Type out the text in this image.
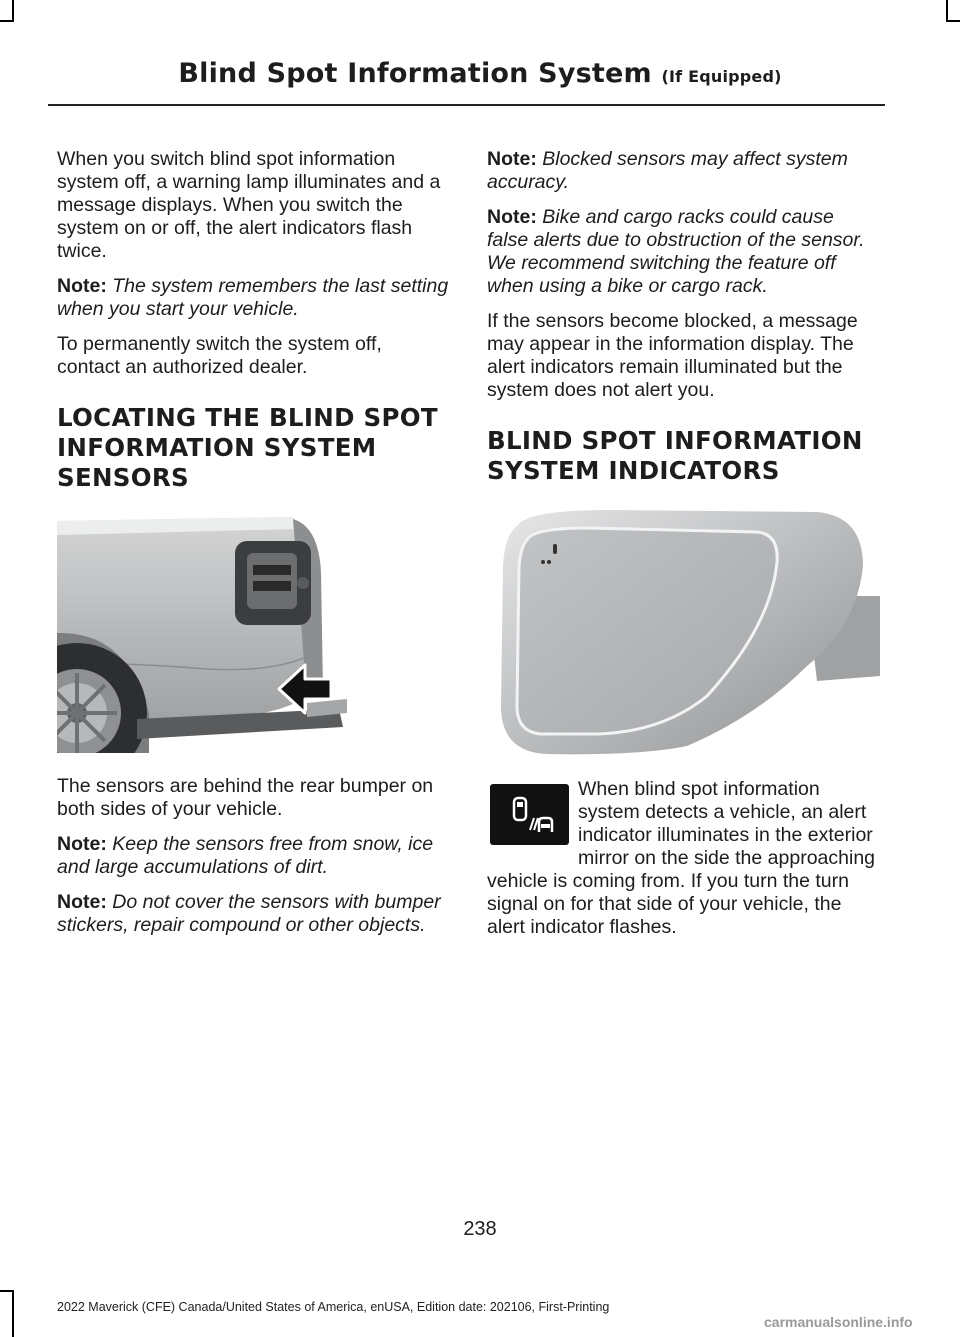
Blind Spot Information System (If Equipped)

When you switch blind spot information system off, a warning lamp illuminates and a message displays. When you switch the system on or off, the alert indicators flash twice.

Note: The system remembers the last setting when you start your vehicle.

To permanently switch the system off, contact an authorized dealer.

LOCATING THE BLIND SPOT INFORMATION SYSTEM SENSORS

The sensors are behind the rear bumper on both sides of your vehicle.

Note: Keep the sensors free from snow, ice and large accumulations of dirt.

Note: Do not cover the sensors with bumper stickers, repair compound or other objects.

Note: Blocked sensors may affect system accuracy.

Note: Bike and cargo racks could cause false alerts due to obstruction of the sensor. We recommend switching the feature off when using a bike or cargo rack.

If the sensors become blocked, a message may appear in the information display. The alert indicators remain illuminated but the system does not alert you.

BLIND SPOT INFORMATION SYSTEM INDICATORS

When blind spot information system detects a vehicle, an alert indicator illuminates in the exterior mirror on the side the approaching vehicle is coming from. If you turn the turn signal on for that side of your vehicle, the alert indicator flashes.

238
2022 Maverick (CFE) Canada/United States of America, enUSA, Edition date: 202106, First-Printing
carmanualsonline.info
